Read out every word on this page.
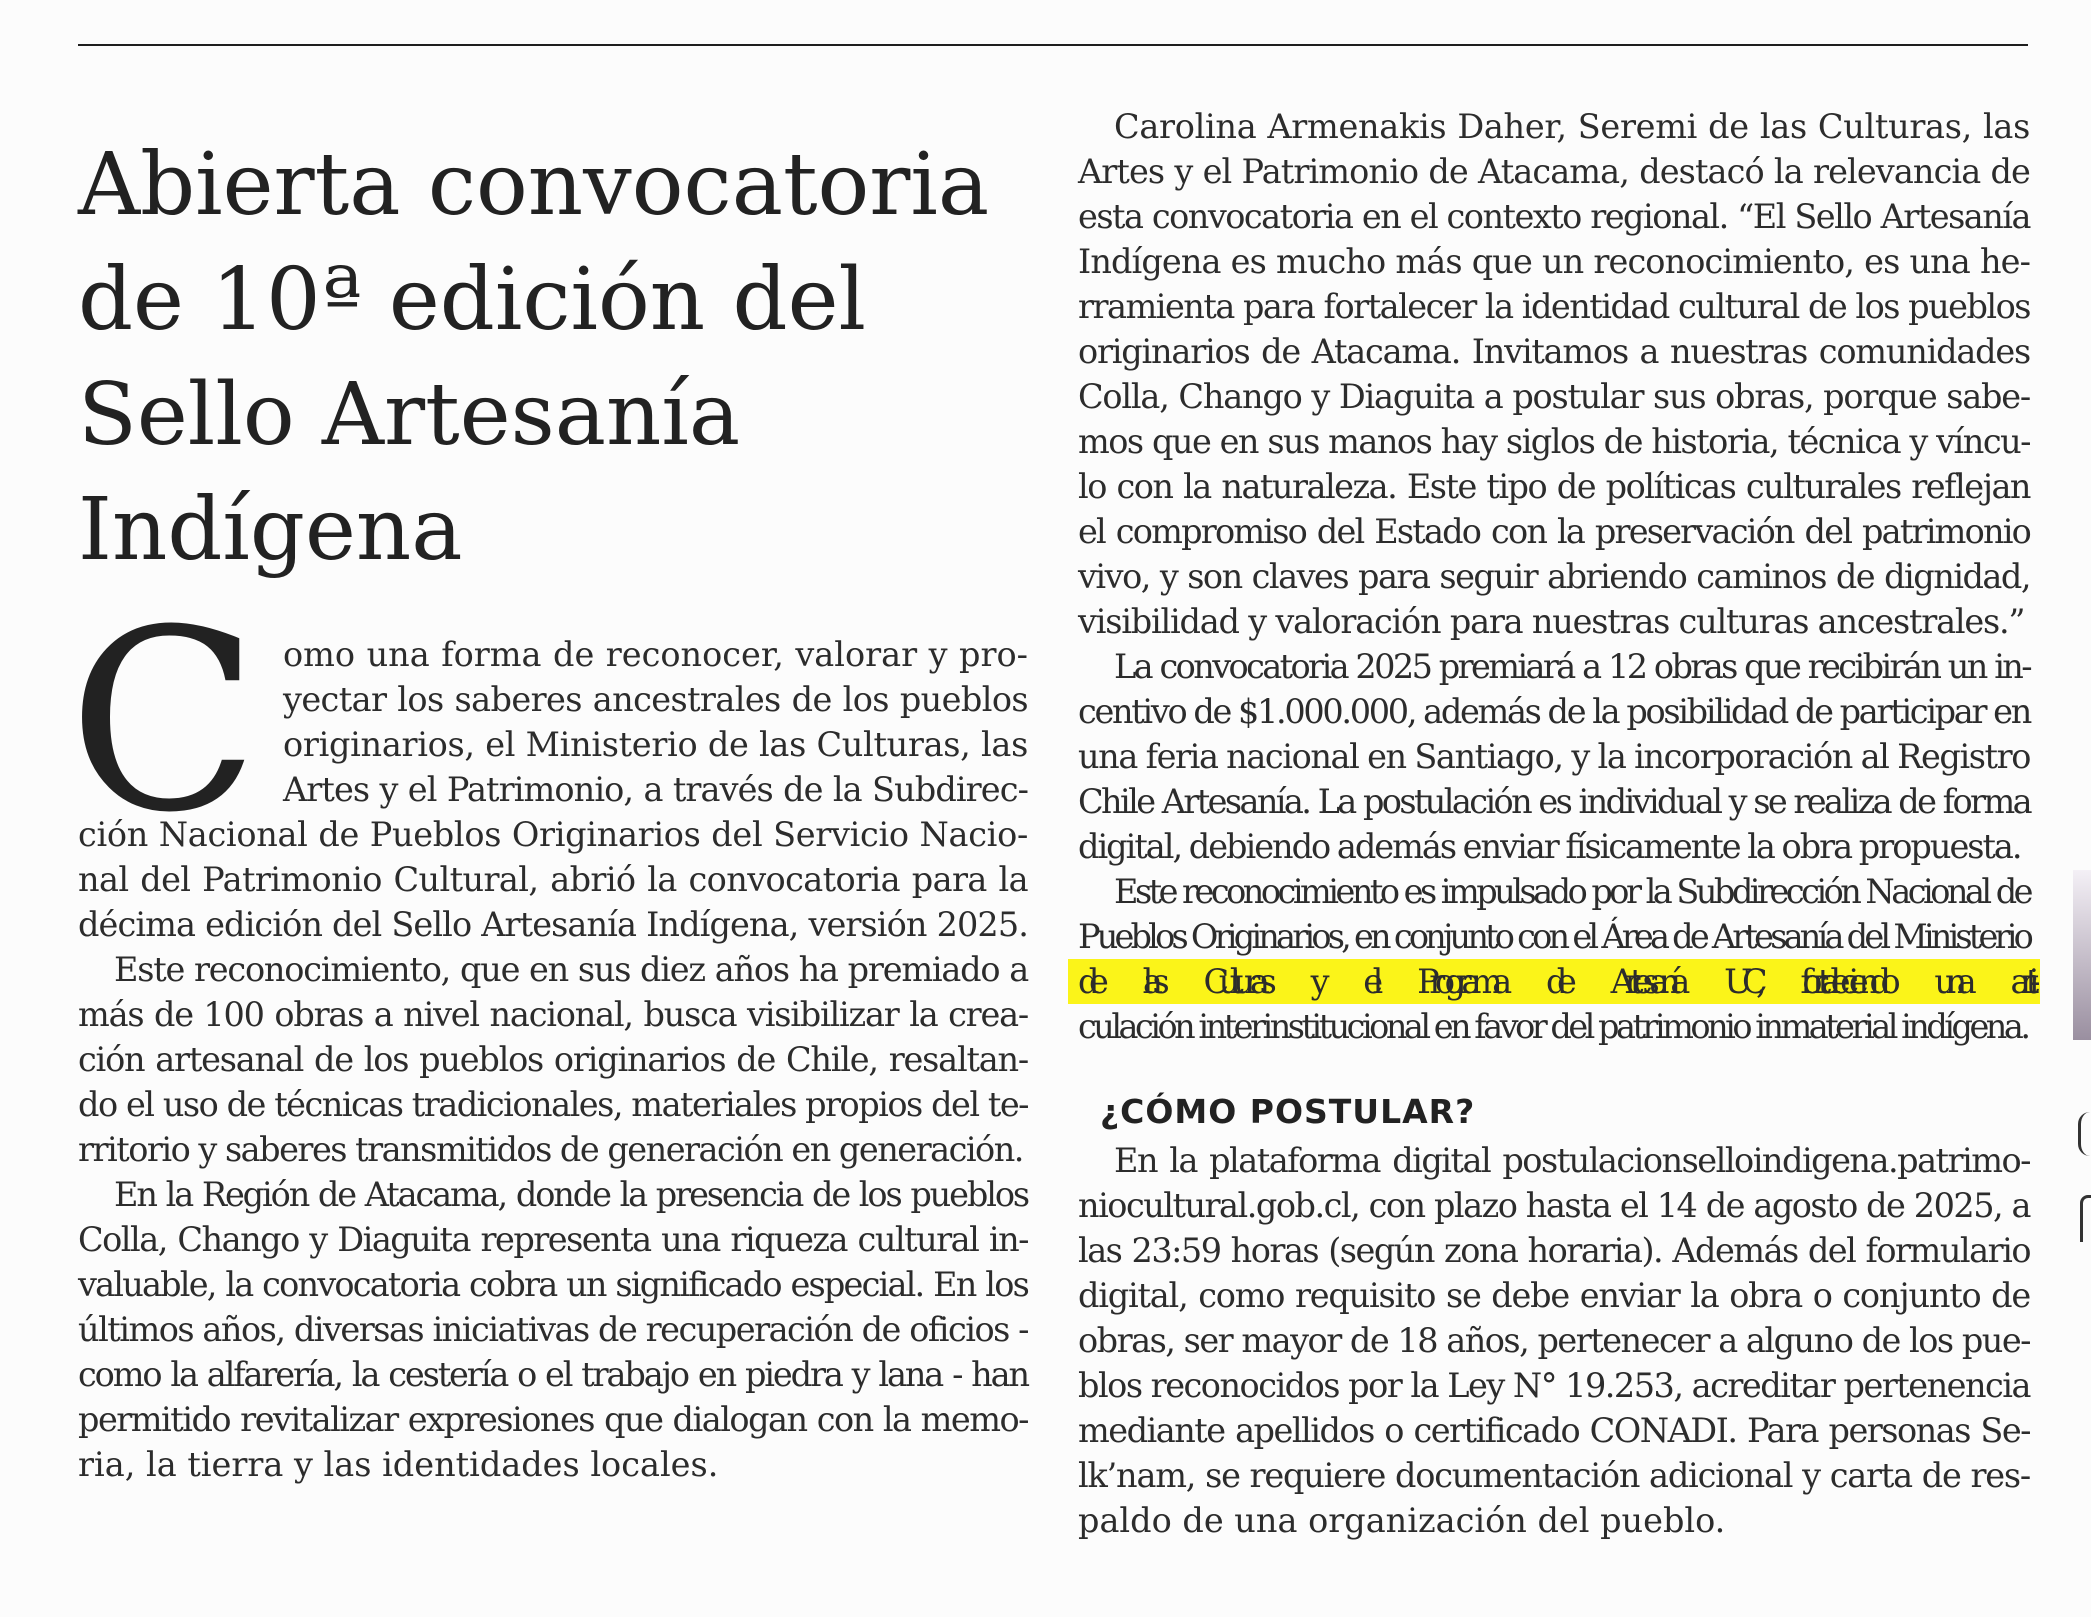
Abierta convocatoria
de 10ª edición del
Sello Artesanía
Indígena
C omo una forma de reconocer, valorar y pro-
yectar los saberes ancestrales de los pueblos
originarios, el Ministerio de las Culturas, las
Artes y el Patrimonio, a través de la Subdirec-
ción Nacional de Pueblos Originarios del Servicio Nacio-
nal del Patrimonio Cultural, abrió la convocatoria para la
décima edición del Sello Artesanía Indígena, versión 2025.
Este reconocimiento, que en sus diez años ha premiado a
más de 100 obras a nivel nacional, busca visibilizar la crea-
ción artesanal de los pueblos originarios de Chile, resaltan-
do el uso de técnicas tradicionales, materiales propios del te-
rritorio y saberes transmitidos de generación en generación.
En la Región de Atacama, donde la presencia de los pueblos
Colla, Chango y Diaguita representa una riqueza cultural in-
valuable, la convocatoria cobra un significado especial. En los
últimos años, diversas iniciativas de recuperación de oficios -
como la alfarería, la cestería o el trabajo en piedra y lana - han
permitido revitalizar expresiones que dialogan con la memo-
ria, la tierra y las identidades locales.
Carolina Armenakis Daher, Seremi de las Culturas, las
Artes y el Patrimonio de Atacama, destacó la relevancia de
esta convocatoria en el contexto regional. “El Sello Artesanía
Indígena es mucho más que un reconocimiento, es una he-
rramienta para fortalecer la identidad cultural de los pueblos
originarios de Atacama. Invitamos a nuestras comunidades
Colla, Chango y Diaguita a postular sus obras, porque sabe-
mos que en sus manos hay siglos de historia, técnica y víncu-
lo con la naturaleza. Este tipo de políticas culturales reflejan
el compromiso del Estado con la preservación del patrimonio
vivo, y son claves para seguir abriendo caminos de dignidad,
visibilidad y valoración para nuestras culturas ancestrales.”
La convocatoria 2025 premiará a 12 obras que recibirán un in-
centivo de $1.000.000, además de la posibilidad de participar en
una feria nacional en Santiago, y la incorporación al Registro
Chile Artesanía. La postulación es individual y se realiza de forma
digital, debiendo además enviar físicamente la obra propuesta.
Este reconocimiento es impulsado por la Subdirección Nacional de
Pueblos Originarios, en conjunto con el Área de Artesanía del Ministerio
de las Culturas y el Programa de Artesanía UC, fortaleciendo una arti-
culación interinstitucional en favor del patrimonio inmaterial indígena.
¿CÓMO POSTULAR?
En la plataforma digital postulacionselloindigena.patrimo-
niocultural.gob.cl, con plazo hasta el 14 de agosto de 2025, a
las 23:59 horas (según zona horaria). Además del formulario
digital, como requisito se debe enviar la obra o conjunto de
obras, ser mayor de 18 años, pertenecer a alguno de los pue-
blos reconocidos por la Ley N° 19.253, acreditar pertenencia
mediante apellidos o certificado CONADI. Para personas Se-
lk’nam, se requiere documentación adicional y carta de res-
paldo de una organización del pueblo.
